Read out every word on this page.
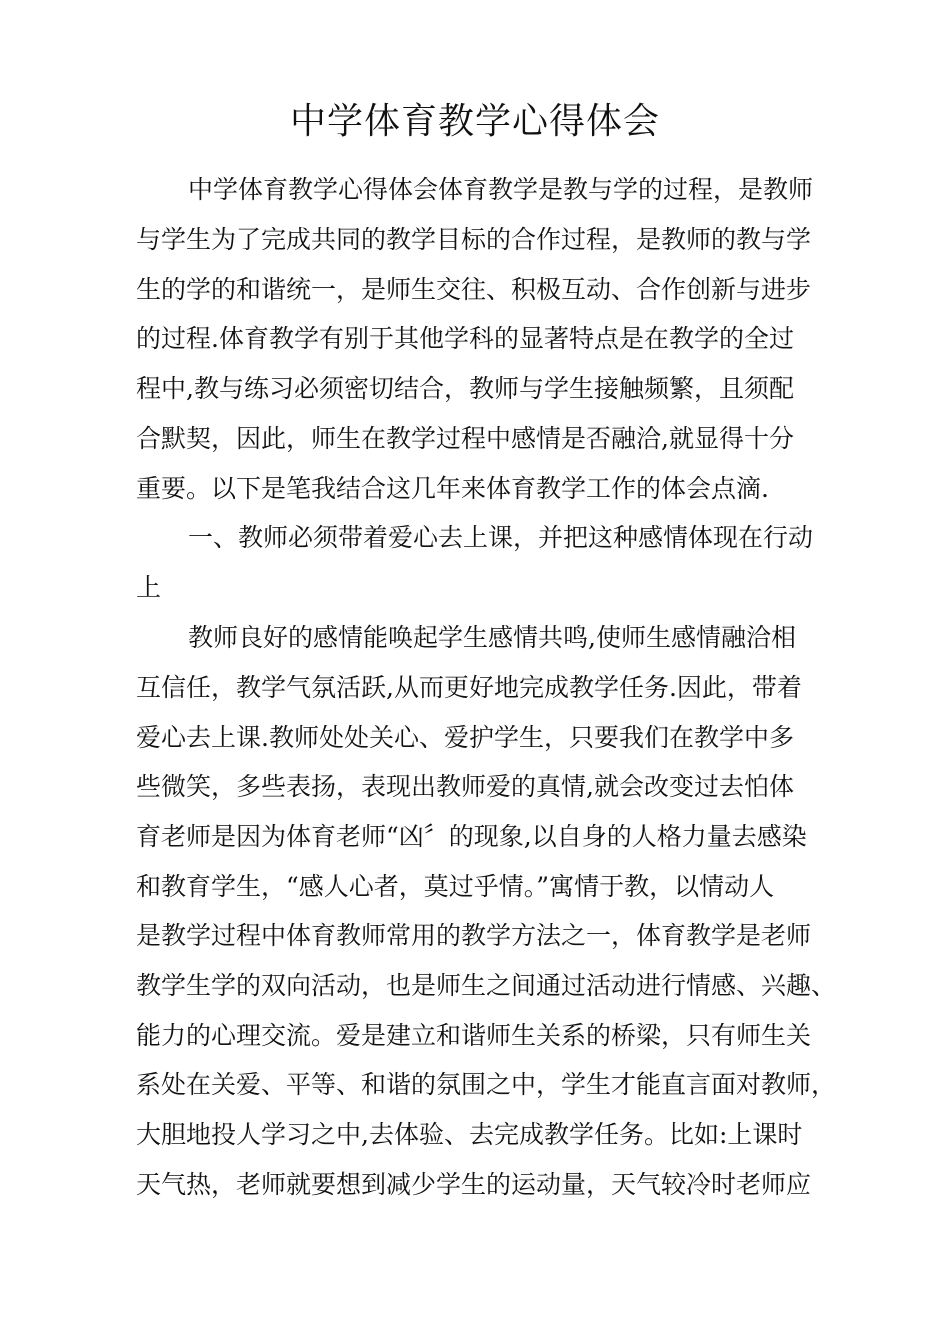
中学体育教学心得体会
中学体育教学心得体会体育教学是教与学的过程，是教师
与学生为了完成共同的教学目标的合作过程，是教师的教与学
生的学的和谐统一，是师生交往、积极互动、合作创新与进步
的过程.体育教学有别于其他学科的显著特点是在教学的全过
程中,教与练习必须密切结合，教师与学生接触频繁，且须配
合默契，因此，师生在教学过程中感情是否融洽,就显得十分
重要。以下是笔我结合这几年来体育教学工作的体会点滴.
一、教师必须带着爱心去上课，并把这种感情体现在行动
上
教师良好的感情能唤起学生感情共鸣,使师生感情融洽相
互信任，教学气氛活跃,从而更好地完成教学任务.因此，带着
爱心去上课.教师处处关心、爱护学生，只要我们在教学中多
些微笑，多些表扬，表现出教师爱的真情,就会改变过去怕体
育老师是因为体育老师“凶〞的现象,以自身的人格力量去感染
和教育学生，“感人心者，莫过乎情。”寓情于教，以情动人
是教学过程中体育教师常用的教学方法之一，体育教学是老师
教学生学的双向活动，也是师生之间通过活动进行情感、兴趣、
能力的心理交流。爱是建立和谐师生关系的桥梁，只有师生关
系处在关爱、平等、和谐的氛围之中，学生才能直言面对教师，
大胆地投人学习之中,去体验、去完成教学任务。比如:上课时
天气热，老师就要想到减少学生的运动量，天气较冷时老师应
